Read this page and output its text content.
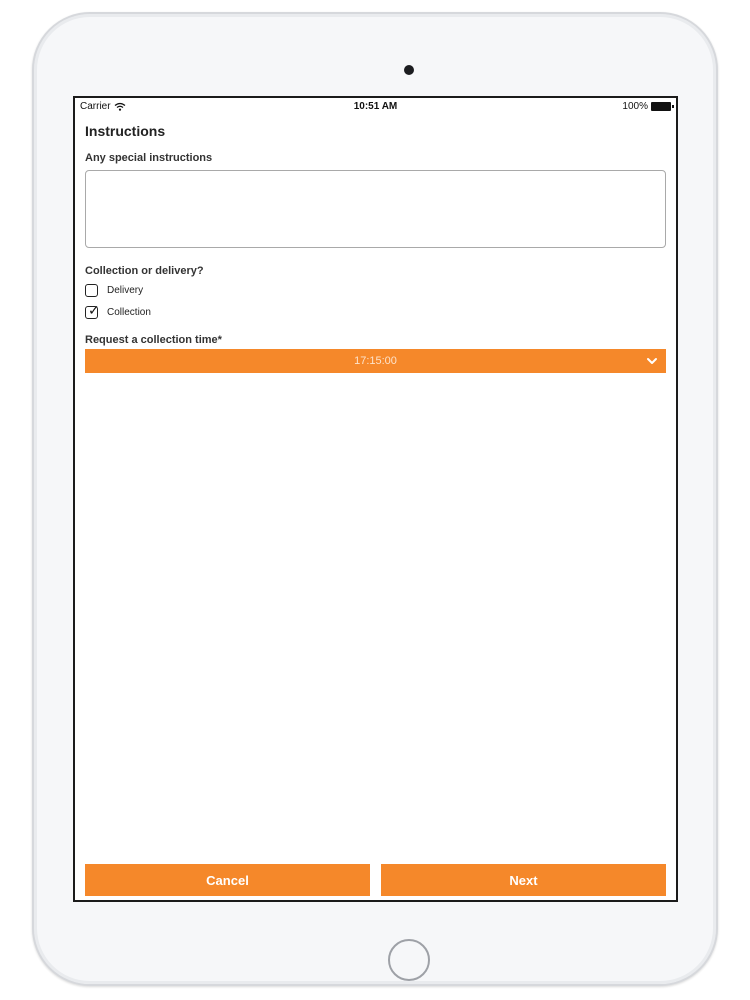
Carrier	10:51 AM	100%
Instructions
Any special instructions
Collection or delivery?
Delivery
✓ Collection
Request a collection time*
17:15:00
Cancel	Next
